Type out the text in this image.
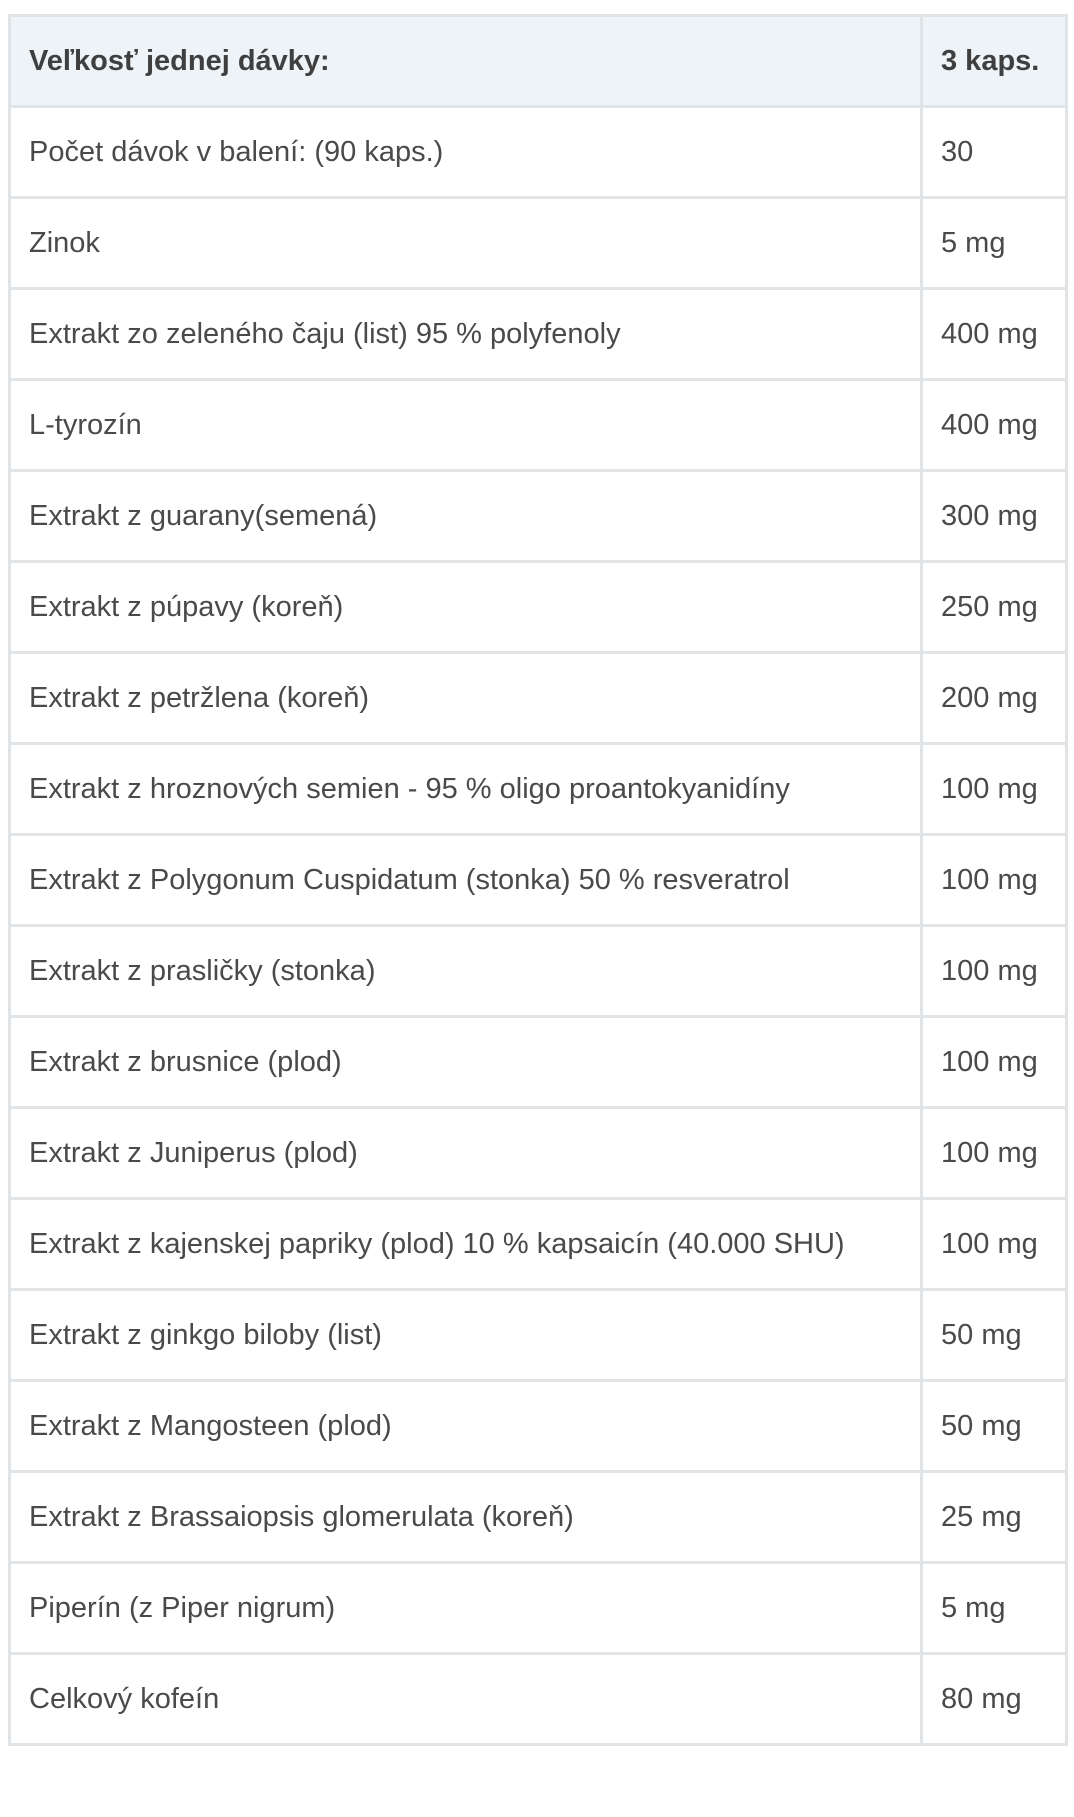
Veľkosť jednej dávky:	3 kaps.
Počet dávok v balení: (90 kaps.)	30
Zinok	5 mg
Extrakt zo zeleného čaju (list) 95 % polyfenoly	400 mg
L-tyrozín	400 mg
Extrakt z guarany(semená)	300 mg
Extrakt z púpavy (koreň)	250 mg
Extrakt z petržlena (koreň)	200 mg
Extrakt z hroznových semien - 95 % oligo proantokyanidíny	100 mg
Extrakt z Polygonum Cuspidatum (stonka) 50 % resveratrol	100 mg
Extrakt z prasličky (stonka)	100 mg
Extrakt z brusnice (plod)	100 mg
Extrakt z Juniperus (plod)	100 mg
Extrakt z kajenskej papriky (plod) 10 % kapsaicín (40.000 SHU)	100 mg
Extrakt z ginkgo biloby (list)	50 mg
Extrakt z Mangosteen (plod)	50 mg
Extrakt z Brassaiopsis glomerulata (koreň)	25 mg
Piperín (z Piper nigrum)	5 mg
Celkový kofeín	80 mg
